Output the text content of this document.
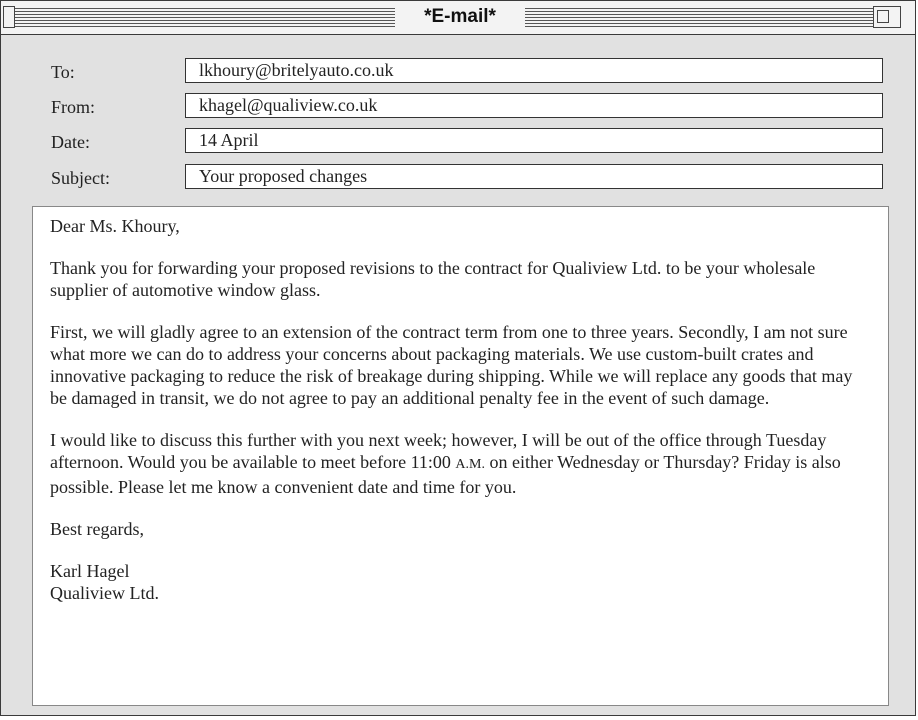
*E-mail*
To:	lkhoury@britelyauto.co.uk
From:	khagel@qualiview.co.uk
Date:	14 April
Subject:	Your proposed changes

Dear Ms. Khoury,

Thank you for forwarding your proposed revisions to the contract for Qualiview Ltd. to be your wholesale supplier of automotive window glass.

First, we will gladly agree to an extension of the contract term from one to three years. Secondly, I am not sure what more we can do to address your concerns about packaging materials. We use custom-built crates and innovative packaging to reduce the risk of breakage during shipping. While we will replace any goods that may be damaged in transit, we do not agree to pay an additional penalty fee in the event of such damage.

I would like to discuss this further with you next week; however, I will be out of the office through Tuesday afternoon. Would you be available to meet before 11:00 A.M. on either Wednesday or Thursday? Friday is also possible. Please let me know a convenient date and time for you.

Best regards,

Karl Hagel

Qualiview Ltd.
